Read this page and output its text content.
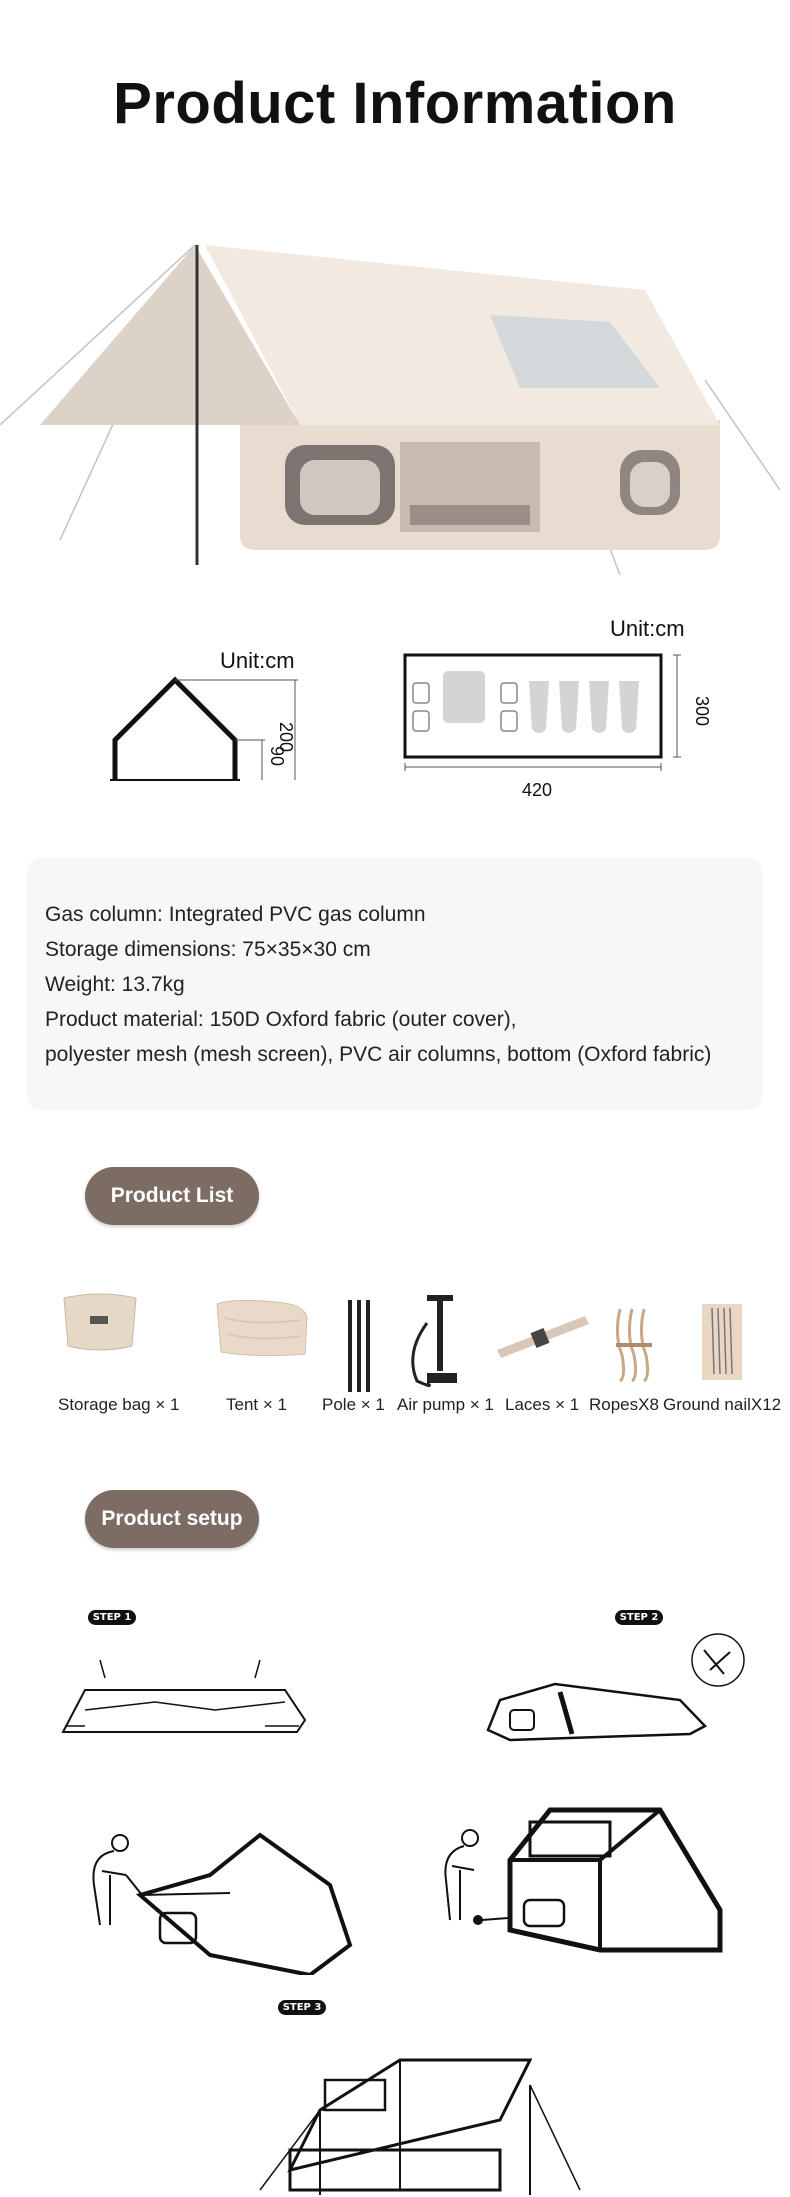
Product Information
Unit:cm
200
90
Unit:cm
300
420
Gas column: Integrated PVC gas column
Storage dimensions: 75×35×30 cm
Weight: 13.7kg
Product material: 150D Oxford fabric (outer cover),
polyester mesh (mesh screen), PVC air columns, bottom (Oxford fabric)
Product List
Storage bag × 1	Tent × 1 Pole × 1 Air pump × 1 Laces × 1 RopesX8 Ground nailX12
Product setup
STEP 1	STEP 2
STEP 3
